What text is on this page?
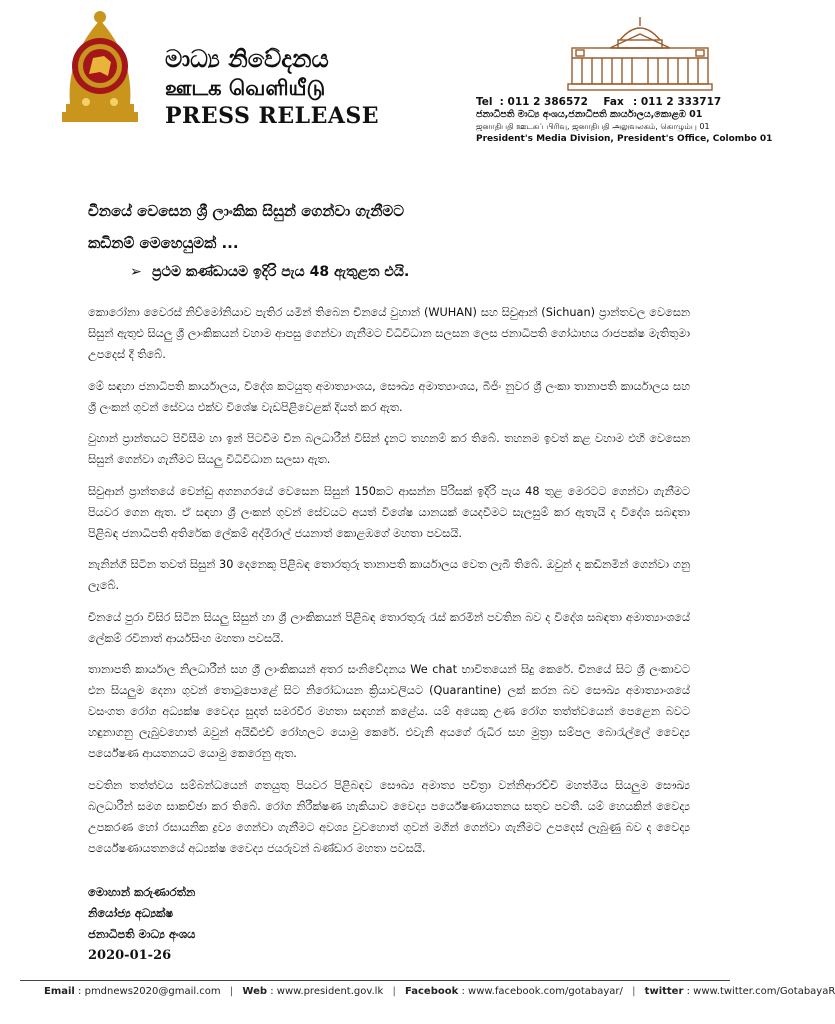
මාධ්‍ය නිවේදනය
ஊடக வெளியீடு
PRESS RELEASE
Tel : 011 2 386572 Fax : 011 2 333717
ජනාධිපති මාධ්‍ය අංශය,ජනාධිපති කාර්යාලය,කොළඹ 01
ஜனாதிபதி ஊடகப் பிரிவு, ஜனாதிபதி அலுவலகம், கொழும்பு 01
President's Media Division, President's Office, Colombo 01
චීනයේ වෙසෙන ශ්‍රී ලාංකික සිසුන් ගෙන්වා ගැනීමට
කඩිනම් මෙහෙයුමක් ...
➢ ප්‍රථම කණ්ඩායම ඉදිරි පැය 48 ඇතුළත එයි.

කොරෝනා වෛරස් නිව්මෝනියාව පැතිර යමින් තිබෙන චීනයේ වුහාන් (WUHAN) සහ සිචුආන් (Sichuan) ප්‍රාන්තවල වෙසෙන සිසුන් ඇතුළු සියලු ශ්‍රී ලාංකිකයන් වහාම ආපසු ගෙන්වා ගැනීමට විධිවිධාන සලසන ලෙස ජනාධිපති ගෝඨාභය රාජපක්ෂ මැතිතුමා උපදෙස් දී තිබේ.

මේ සඳහා ජනාධිපති කාර්යාලය, විදේශ කටයුතු අමාත්‍යාංශය, සෞඛ්‍ය අමාත්‍යාංශය, බීජිං නුවර ශ්‍රී ලංකා තානාපති කාර්යාලය සහ ශ්‍රී ලංකන් ගුවන් සේවය එක්ව විශේෂ වැඩපිළිවෙළක් දියත් කර ඇත.

වුහාන් ප්‍රාන්තයට පිවිසීම හා ඉන් පිටවීම චීන බලධාරීන් විසින් දැනට තහනම් කර තිබේ. තහනම ඉවත් කළ වහාම එහි වෙසෙන සිසුන් ගෙන්වා ගැනීමට සියලු විධිවිධාන සලසා ඇත.

සිචුආන් ප්‍රාන්තයේ චෙන්ඩු අගනගරයේ වෙසෙන සිසුන් 150කට ආසන්න පිරිසක් ඉදිරි පැය 48 තුළ මෙරටට ගෙන්වා ගැනීමට පියවර ගෙන ඇත. ඒ සඳහා ශ්‍රී ලංකන් ගුවන් සේවයට අයත් විශේෂ යානයක් යෙදවීමට සැලසුම් කර ඇතැයි ද විදේශ සබඳතා පිළිබඳ ජනාධිපති අතිරේක ලේකම් අද්මිරාල් ජයනාත් කොළඹගේ මහතා පවසයි.

නැනින්ගි සිටින තවත් සිසුන් 30 දෙනෙකු පිළිබඳ තොරතුරු තානාපති කාර්යාලය වෙත ලැබී තිබේ. ඔවුන් ද කඩිනමින් ගෙන්වා ගනු ලැබේ.

චීනයේ පුරා විසිර සිටින සියලු සිසුන් හා ශ්‍රී ලාංකිකයන් පිළිබඳ තොරතුරු රැස් කරමින් පවතින බව ද විදේශ සබඳතා අමාත්‍යාංශයේ ලේකම් රවිනාත් ආර්යසිංහ මහතා පවසයි.

තානාපති කාර්යාල නිලධාරීන් සහ ශ්‍රී ලාංකිකයන් අතර සංනිවේදනය We chat භාවිතයෙන් සිදු කෙරේ. චීනයේ සිට ශ්‍රී ලංකාවට එන සියලුම දෙනා ගුවන් තොටුපොළේ සිට නිරෝධායන ක්‍රියාවලියට (Quarantine) ලක් කරන බව සෞඛ්‍ය අමාත්‍යාංශයේ වසංගත රෝග අධ්‍යක්ෂ වෛද්‍ය සුදත් සමරවීර මහතා සඳහන් කළේය. යම් අයෙකු උණ රෝග තත්ත්වයෙන් පෙළෙන බවට හඳුනාගනු ලැබුවහොත් ඔවුන් අයිඩීඑච් රෝහලට යොමු කෙරේ. එවැනි අයගේ රුධිර සහ මුත්‍රා සම්පල බොරැල්ලේ වෛද්‍ය පර්යේෂණ ආයතනයට යොමු කෙරෙනු ඇත.

පවතින තත්ත්වය සම්බන්ධයෙන් ගතයුතු පියවර පිළිබඳව සෞඛ්‍ය අමාත්‍ය පවිත්‍රා වන්නිආරච්චි මහත්මිය සියලුම සෞඛ්‍ය බලධාරීන් සමග සාකච්ඡා කර තිබේ. රෝග නිරීක්ෂණ හැකියාව වෛද්‍ය පර්යේෂණායතනය සතුව පවතී. යම් හෙයකින් වෛද්‍ය උපකරණ හෝ රසායනික ද්‍රව්‍ය ගෙන්වා ගැනීමට අවශ්‍ය වුවහොත් ගුවන් මගින් ගෙන්වා ගැනීමට උපදෙස් ලැබුණු බව ද වෛද්‍ය පර්යේෂණායතනයේ අධ්‍යක්ෂ වෛද්‍ය ජයරුවන් බණ්ඩාර මහතා පවසයි.

මොහාන් කරුණාරත්න
නියෝජ්‍ය අධ්‍යක්ෂ
ජනාධිපති මාධ්‍ය අංශය
2020-01-26
Email : pmdnews2020@gmail.com | Web : www.president.gov.lk | Facebook : www.facebook.com/gotabayar/ | twitter : www.twitter.com/GotabayaR
